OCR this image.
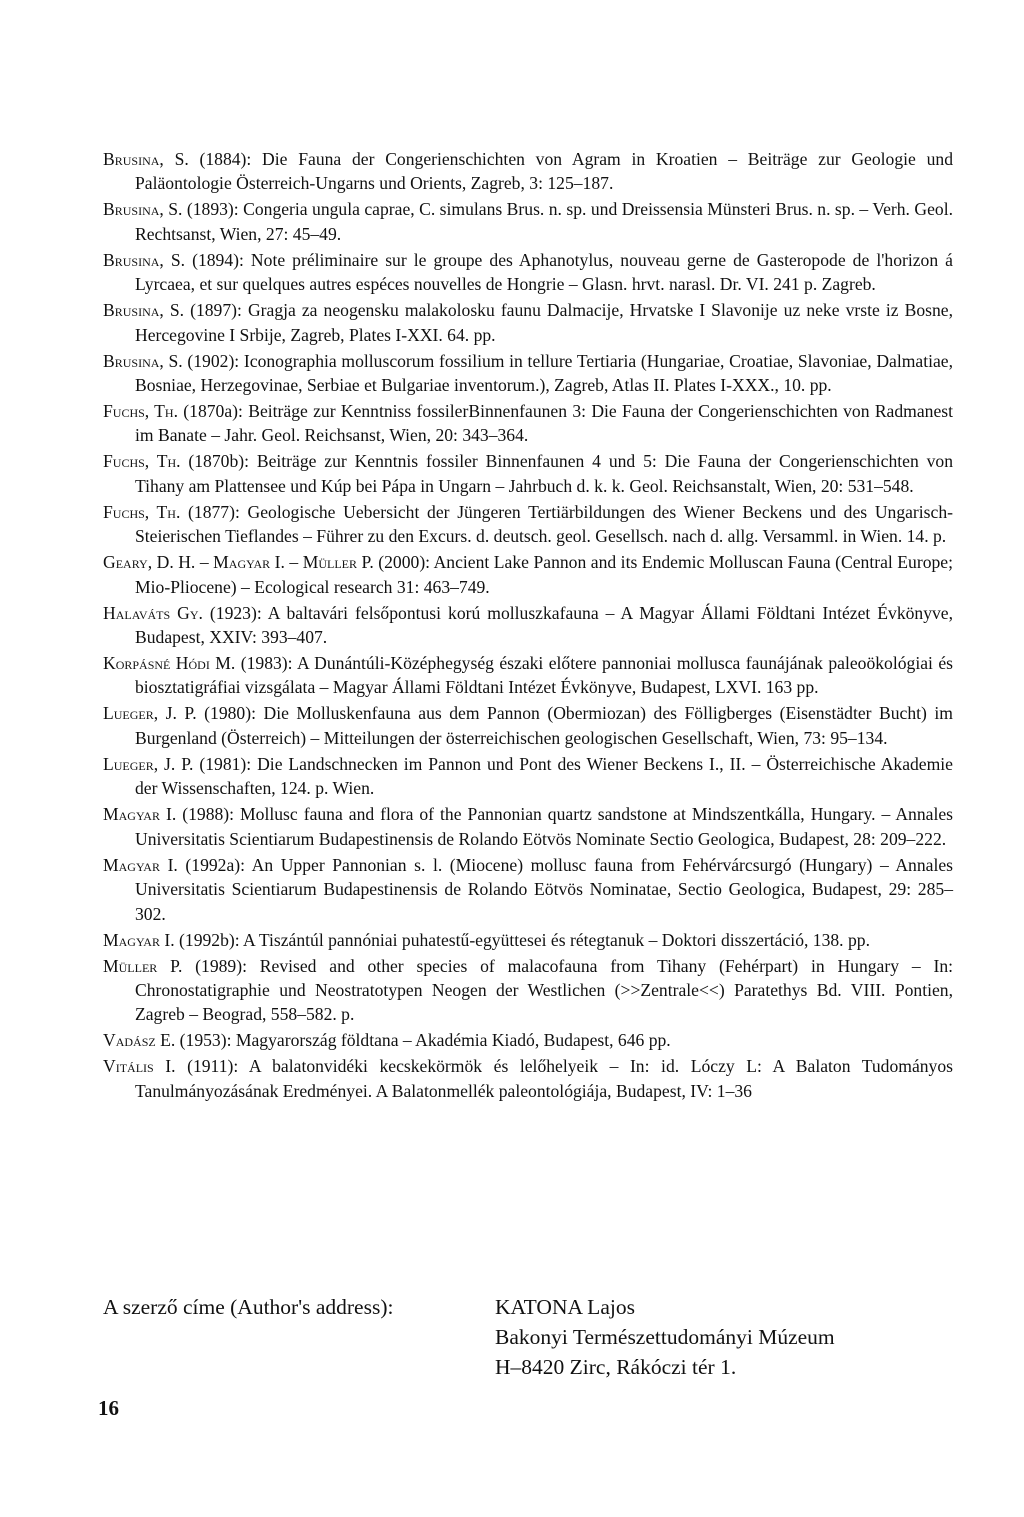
Brusina, S. (1884): Die Fauna der Congerienschichten von Agram in Kroatien – Beiträge zur Geologie und Paläontologie Österreich-Ungarns und Orients, Zagreb, 3: 125–187.

Brusina, S. (1893): Congeria ungula caprae, C. simulans Brus. n. sp. und Dreissensia Münsteri Brus. n. sp. – Verh. Geol. Rechtsanst, Wien, 27: 45–49.

Brusina, S. (1894): Note préliminaire sur le groupe des Aphanotylus, nouveau gerne de Gasteropode de l'horizon á Lyrcaea, et sur quelques autres espéces nouvelles de Hongrie – Glasn. hrvt. narasl. Dr. VI. 241 p. Zagreb.

Brusina, S. (1897): Gragja za neogensku malakolosku faunu Dalmacije, Hrvatske I Slavonije uz neke vrste iz Bosne, Hercegovine I Srbije, Zagreb, Plates I-XXI. 64. pp.

Brusina, S. (1902): Iconographia molluscorum fossilium in tellure Tertiaria (Hungariae, Croatiae, Slavoniae, Dalmatiae, Bosniae, Herzegovinae, Serbiae et Bulgariae inventorum.), Zagreb, Atlas II. Plates I-XXX., 10. pp.

Fuchs, Th. (1870a): Beiträge zur Kenntniss fossilerBinnenfaunen 3: Die Fauna der Congerienschichten von Radmanest im Banate – Jahr. Geol. Reichsanst, Wien, 20: 343–364.

Fuchs, Th. (1870b): Beiträge zur Kenntnis fossiler Binnenfaunen 4 und 5: Die Fauna der Congerienschichten von Tihany am Plattensee und Kúp bei Pápa in Ungarn – Jahrbuch d. k. k. Geol. Reichsanstalt, Wien, 20: 531–548.

Fuchs, Th. (1877): Geologische Uebersicht der Jüngeren Tertiärbildungen des Wiener Beckens und des Ungarisch-Steierischen Tieflandes – Führer zu den Excurs. d. deutsch. geol. Gesellsch. nach d. allg. Versamml. in Wien. 14. p.

Geary, D. H. – Magyar I. – Müller P. (2000): Ancient Lake Pannon and its Endemic Molluscan Fauna (Central Europe; Mio-Pliocene) – Ecological research 31: 463–749.

Halaváts Gy. (1923): A baltavári felsőpontusi korú molluszkafauna – A Magyar Állami Földtani Intézet Évkönyve, Budapest, XXIV: 393–407.

Korpásné Hódi M. (1983): A Dunántúli-Középhegység északi előtere pannoniai mollusca faunájának paleoökológiai és biosztatigráfiai vizsgálata – Magyar Állami Földtani Intézet Évkönyve, Budapest, LXVI. 163 pp.

Lueger, J. P. (1980): Die Molluskenfauna aus dem Pannon (Obermiozan) des Fölligberges (Eisenstädter Bucht) im Burgenland (Österreich) – Mitteilungen der österreichischen geologischen Gesellschaft, Wien, 73: 95–134.

Lueger, J. P. (1981): Die Landschnecken im Pannon und Pont des Wiener Beckens I., II. – Österreichische Akademie der Wissenschaften, 124. p. Wien.

Magyar I. (1988): Mollusc fauna and flora of the Pannonian quartz sandstone at Mindszentkálla, Hungary. – Annales Universitatis Scientiarum Budapestinensis de Rolando Eötvös Nominate Sectio Geologica, Budapest, 28: 209–222.

Magyar I. (1992a): An Upper Pannonian s. l. (Miocene) mollusc fauna from Fehérvárcsurgó (Hungary) – Annales Universitatis Scientiarum Budapestinensis de Rolando Eötvös Nominatae, Sectio Geologica, Budapest, 29: 285–302.

Magyar I. (1992b): A Tiszántúl pannóniai puhatestű-együttesei és rétegtanuk – Doktori disszertáció, 138. pp.

Müller P. (1989): Revised and other species of malacofauna from Tihany (Fehérpart) in Hungary – In: Chronostatigraphie und Neostratotypen Neogen der Westlichen (>>Zentrale<<) Paratethys Bd. VIII. Pontien, Zagreb – Beograd, 558–582. p.

Vadász E. (1953): Magyarország földtana – Akadémia Kiadó, Budapest, 646 pp.

Vitális I. (1911): A balatonvidéki kecskekörmök és lelőhelyeik – In: id. Lóczy L: A Balaton Tudományos Tanulmányozásának Eredményei. A Balatonmellék paleontológiája, Budapest, IV: 1–36

A szerző címe (Author's address):	KATONA Lajos
Bakonyi Természettudományi Múzeum
H–8420 Zirc, Rákóczi tér 1.
16
